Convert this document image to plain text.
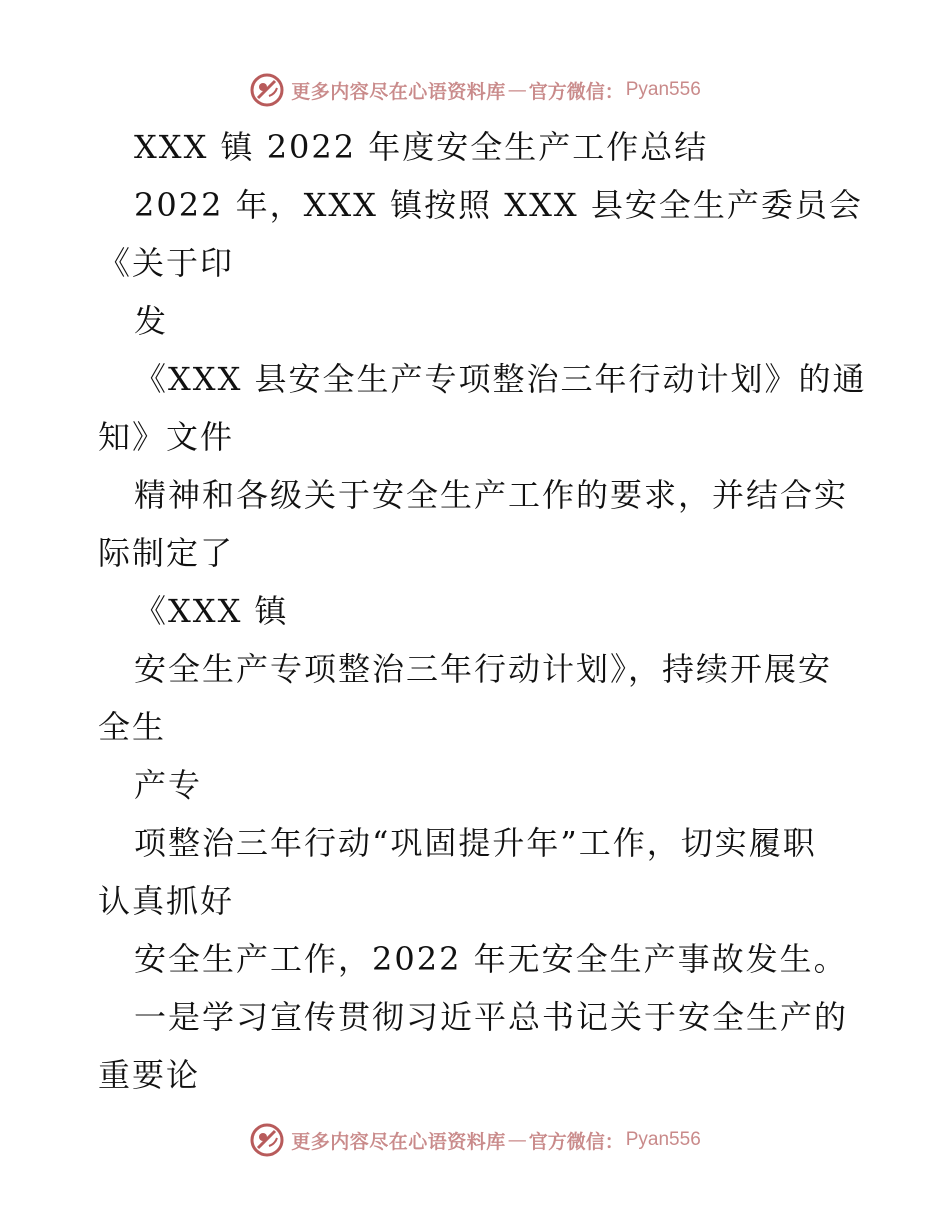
更多内容尽在心语资料库 — 官方微信： Pyan556
XXX 镇 2022 年度安全生产工作总结
2022 年，XXX 镇按照 XXX 县安全生产委员会
《关于印
发
《XXX 县安全生产专项整治三年行动计划》的通
知》文件
精神和各级关于安全生产工作的要求，并结合实
际制定了
《XXX 镇
安全生产专项整治三年行动计划》，持续开展安
全生
产专
项整治三年行动“巩固提升年”工作，切实履职
认真抓好
安全生产工作，2022 年无安全生产事故发生。
一是学习宣传贯彻习近平总书记关于安全生产的
重要论
更多内容尽在心语资料库 — 官方微信： Pyan556
